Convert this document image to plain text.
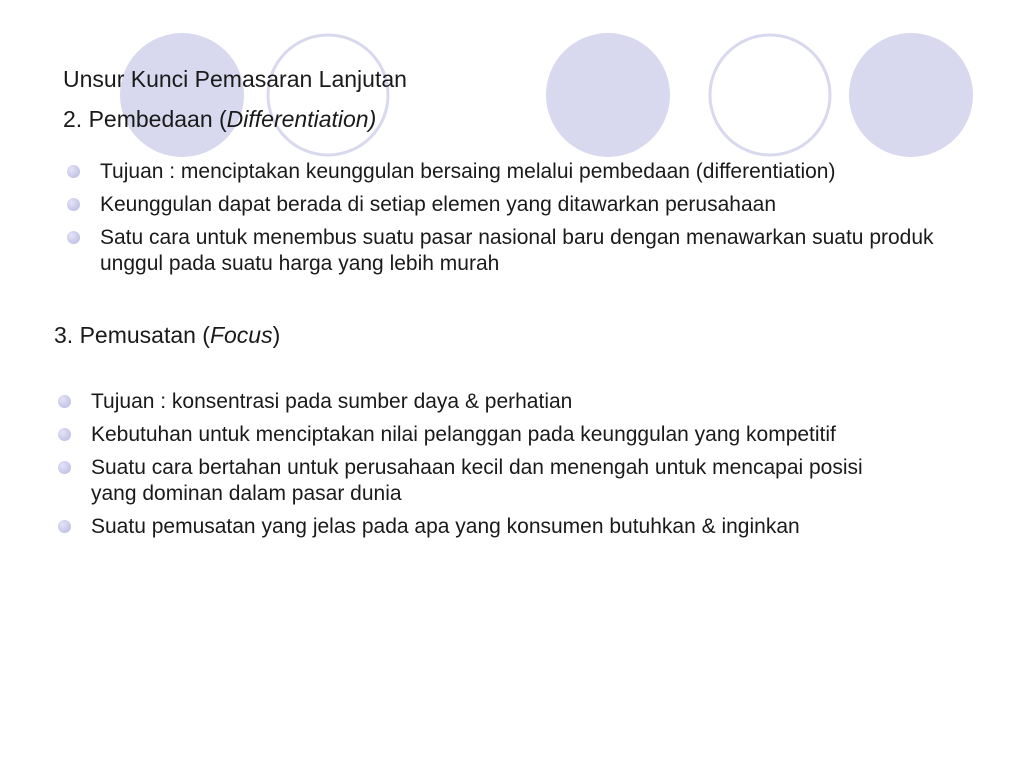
Unsur Kunci Pemasaran Lanjutan
2. Pembedaan (Differentiation)
Tujuan : menciptakan keunggulan bersaing melalui pembedaan (differentiation)
Keunggulan dapat berada di setiap elemen yang ditawarkan perusahaan
Satu cara untuk menembus suatu pasar nasional baru dengan menawarkan suatu produk unggul pada suatu harga yang lebih murah
3. Pemusatan (Focus)
Tujuan : konsentrasi pada sumber daya & perhatian
Kebutuhan untuk menciptakan nilai pelanggan pada keunggulan yang kompetitif
Suatu cara bertahan untuk perusahaan kecil dan menengah untuk mencapai posisi yang dominan dalam pasar dunia
Suatu pemusatan yang jelas pada apa yang konsumen butuhkan & inginkan
